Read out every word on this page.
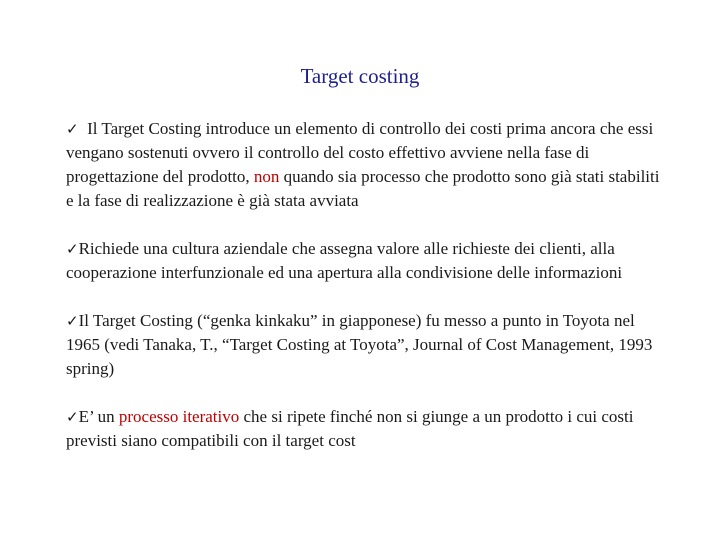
Target costing

✓ Il Target Costing introduce un elemento di controllo dei costi prima ancora che essi vengano sostenuti ovvero il controllo del costo effettivo avviene nella fase di progettazione del prodotto, non quando sia processo che prodotto sono già stati stabiliti e la fase di realizzazione è già stata avviata

✓Richiede una cultura aziendale che assegna valore alle richieste dei clienti, alla cooperazione interfunzionale ed una apertura alla condivisione delle informazioni

✓Il Target Costing (“genka kinkaku” in giapponese) fu messo a punto in Toyota nel 1965 (vedi Tanaka, T., “Target Costing at Toyota”, Journal of Cost Management, 1993 spring)

✓E’ un processo iterativo che si ripete finché non si giunge a un prodotto i cui costi previsti siano compatibili con il target cost
